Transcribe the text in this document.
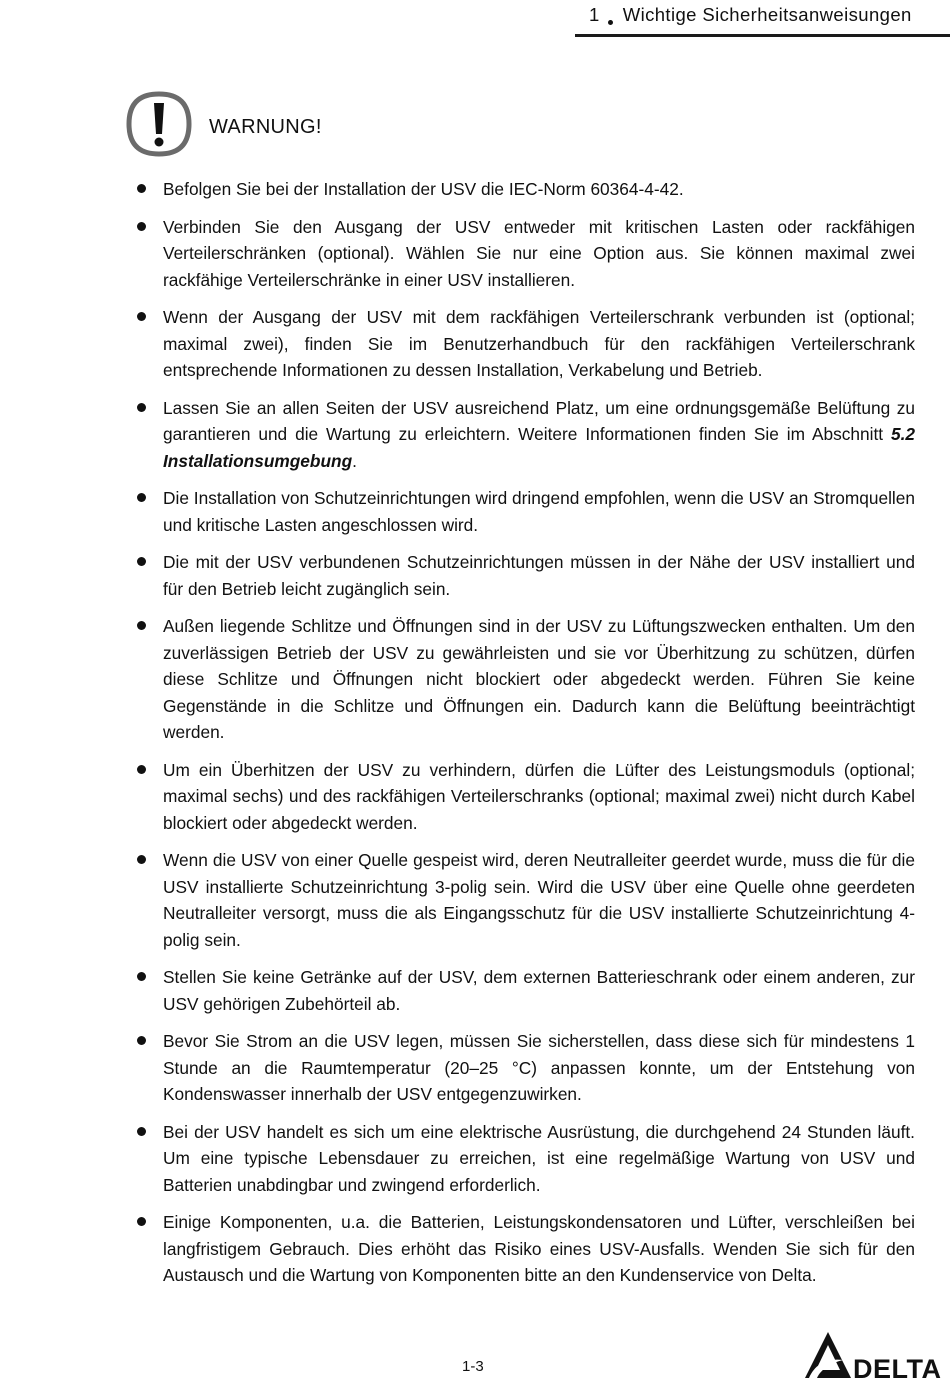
1 Wichtige Sicherheitsanweisungen
WARNUNG!
Befolgen Sie bei der Installation der USV die IEC-Norm 60364-4-42.
Verbinden Sie den Ausgang der USV entweder mit kritischen Lasten oder rackfähigen Verteilerschränken (optional). Wählen Sie nur eine Option aus. Sie können maximal zwei rackfähige Verteilerschränke in einer USV installieren.
Wenn der Ausgang der USV mit dem rackfähigen Verteilerschrank verbunden ist (optional; maximal zwei), finden Sie im Benutzerhandbuch für den rackfähigen Verteilerschrank entsprechende Informationen zu dessen Installation, Verkabelung und Betrieb.
Lassen Sie an allen Seiten der USV ausreichend Platz, um eine ordnungsgemäße Belüftung zu garantieren und die Wartung zu erleichtern. Weitere Informationen finden Sie im Abschnitt 5.2 Installationsumgebung.
Die Installation von Schutzeinrichtungen wird dringend empfohlen, wenn die USV an Stromquellen und kritische Lasten angeschlossen wird.
Die mit der USV verbundenen Schutzeinrichtungen müssen in der Nähe der USV installiert und für den Betrieb leicht zugänglich sein.
Außen liegende Schlitze und Öffnungen sind in der USV zu Lüftungszwecken enthalten. Um den zuverlässigen Betrieb der USV zu gewährleisten und sie vor Überhitzung zu schützen, dürfen diese Schlitze und Öffnungen nicht blockiert oder abgedeckt werden. Führen Sie keine Gegenstände in die Schlitze und Öffnungen ein. Dadurch kann die Belüftung beeinträchtigt werden.
Um ein Überhitzen der USV zu verhindern, dürfen die Lüfter des Leistungsmoduls (optional; maximal sechs) und des rackfähigen Verteilerschranks (optional; maximal zwei) nicht durch Kabel blockiert oder abgedeckt werden.
Wenn die USV von einer Quelle gespeist wird, deren Neutralleiter geerdet wurde, muss die für die USV installierte Schutzeinrichtung 3-polig sein. Wird die USV über eine Quelle ohne geerdeten Neutralleiter versorgt, muss die als Eingangsschutz für die USV installierte Schutzeinrichtung 4-polig sein.
Stellen Sie keine Getränke auf der USV, dem externen Batterieschrank oder einem anderen, zur USV gehörigen Zubehörteil ab.
Bevor Sie Strom an die USV legen, müssen Sie sicherstellen, dass diese sich für mindestens 1 Stunde an die Raumtemperatur (20–25 °C) anpassen konnte, um der Entstehung von Kondenswasser innerhalb der USV entgegenzuwirken.
Bei der USV handelt es sich um eine elektrische Ausrüstung, die durchgehend 24 Stunden läuft. Um eine typische Lebensdauer zu erreichen, ist eine regelmäßige Wartung von USV und Batterien unabdingbar und zwingend erforderlich.
Einige Komponenten, u.a. die Batterien, Leistungskondensatoren und Lüfter, verschleißen bei langfristigem Gebrauch. Dies erhöht das Risiko eines USV-Ausfalls. Wenden Sie sich für den Austausch und die Wartung von Komponenten bitte an den Kundenservice von Delta.
1-3	DELTA
